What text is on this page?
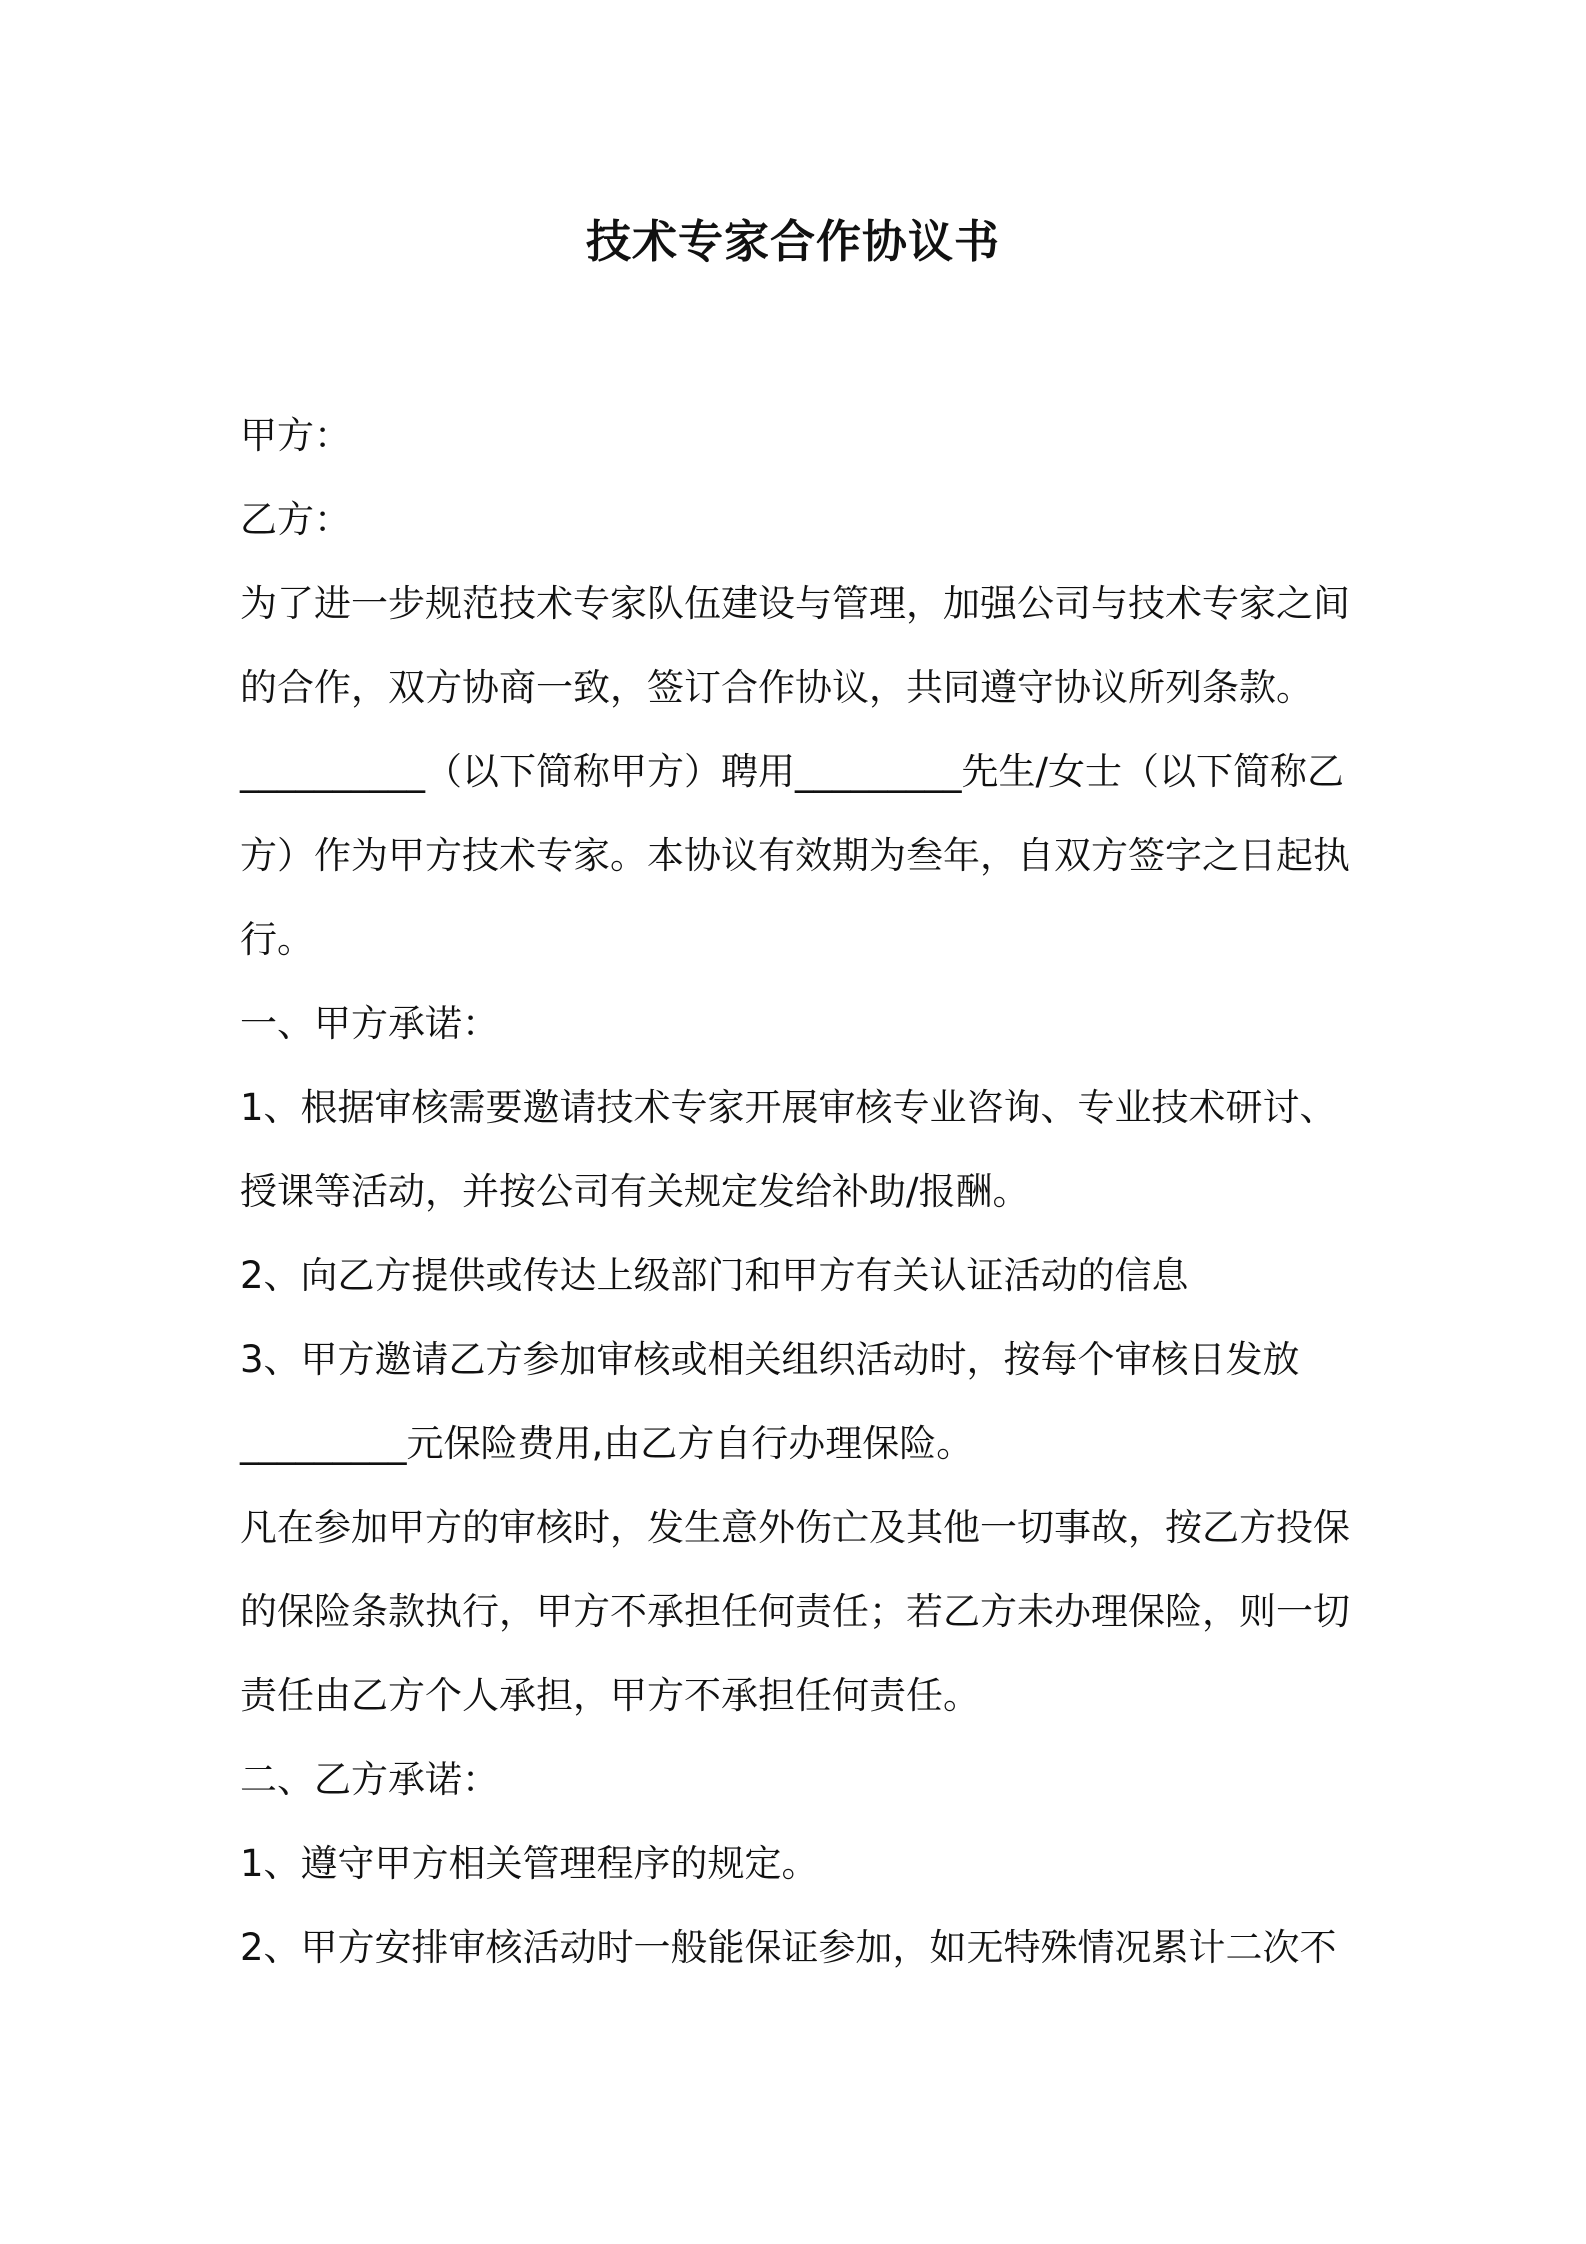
技术专家合作协议书
甲方：
乙方：
为了进一步规范技术专家队伍建设与管理，加强公司与技术专家之间
的合作，双方协商一致，签订合作协议，共同遵守协议所列条款。
__________（以下简称甲方）聘用_________先生/女士（以下简称乙
方）作为甲方技术专家。本协议有效期为叁年，自双方签字之日起执
行。
一、甲方承诺：
1、根据审核需要邀请技术专家开展审核专业咨询、专业技术研讨、
授课等活动，并按公司有关规定发给补助/报酬。
2、向乙方提供或传达上级部门和甲方有关认证活动的信息
3、甲方邀请乙方参加审核或相关组织活动时，按每个审核日发放
_________元保险费用,由乙方自行办理保险。
凡在参加甲方的审核时，发生意外伤亡及其他一切事故，按乙方投保
的保险条款执行，甲方不承担任何责任；若乙方未办理保险，则一切
责任由乙方个人承担，甲方不承担任何责任。
二、乙方承诺：
1、遵守甲方相关管理程序的规定。
2、甲方安排审核活动时一般能保证参加，如无特殊情况累计二次不
